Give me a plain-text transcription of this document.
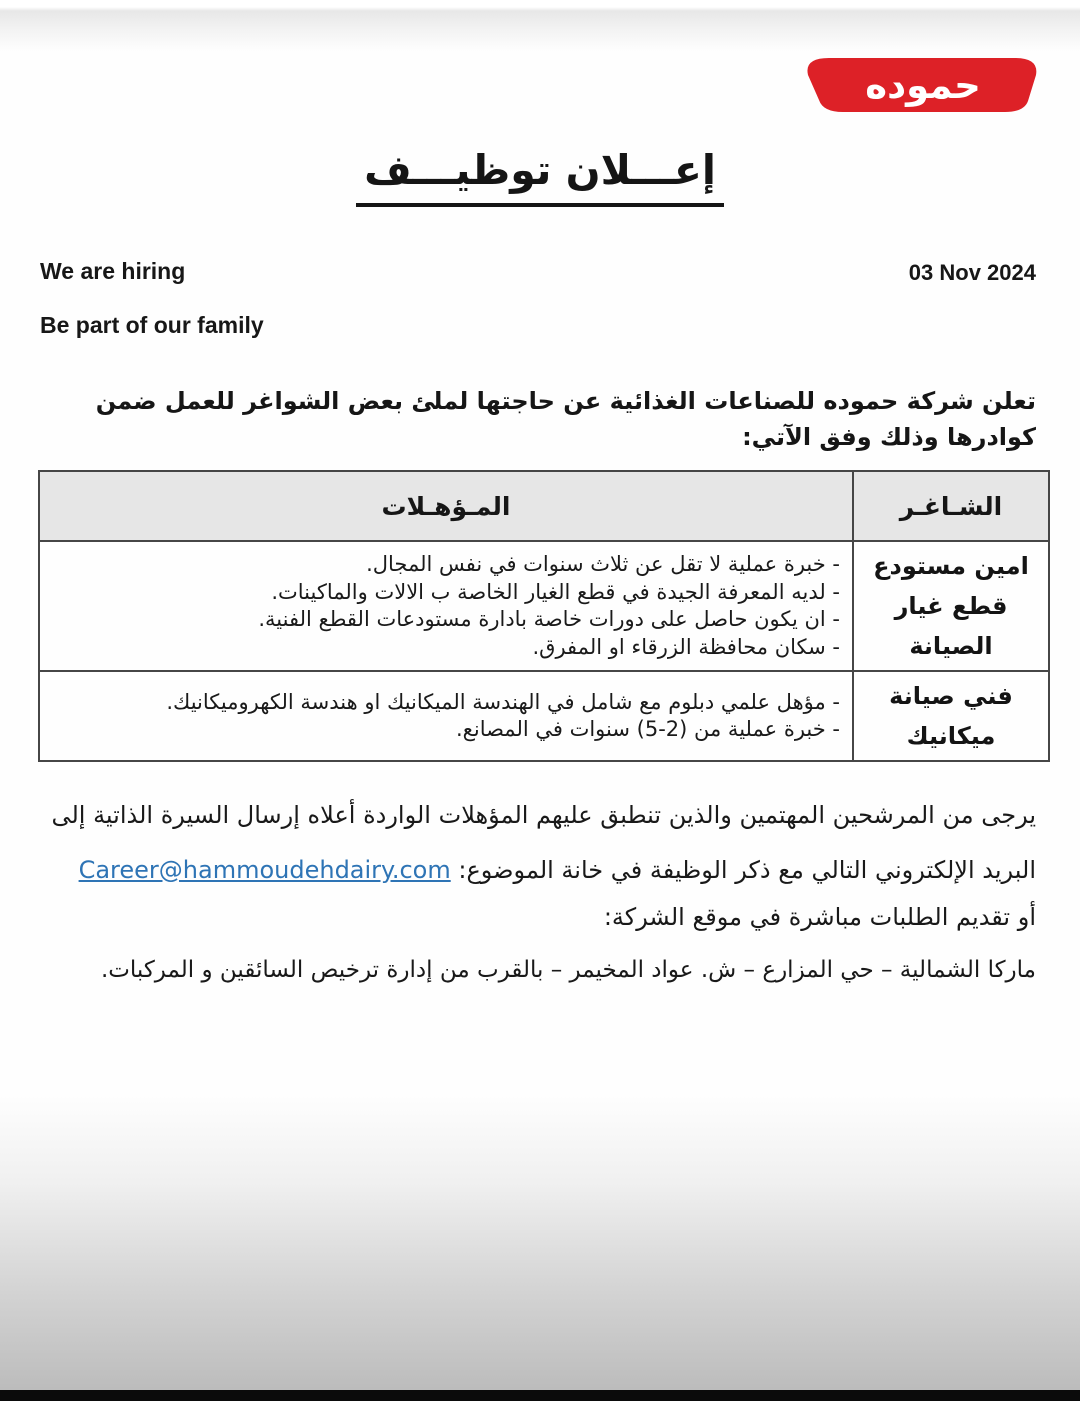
حموده
إعـــلان توظيـــف
We are hiring	03 Nov 2024
Be part of our family

تعلن شركة حموده للصناعات الغذائية عن حاجتها لملئ بعض الشواغر للعمل ضمن كوادرها وذلك وفق الآتي:

الشـاغـر	المـؤهـلات
امين مستودع قطع غيار الصيانة	- خبرة عملية لا تقل عن ثلاث سنوات في نفس المجال.
- لديه المعرفة الجيدة في قطع الغيار الخاصة ب الالات والماكينات.
- ان يكون حاصل على دورات خاصة بادارة مستودعات القطع الفنية.
- سكان محافظة الزرقاء او المفرق.

فني صيانة ميكانيك	- مؤهل علمي دبلوم مع شامل في الهندسة الميكانيك او هندسة الكهروميكانيك.
- خبرة عملية من (2-5) سنوات في المصانع.

يرجى من المرشحين المهتمين والذين تنطبق عليهم المؤهلات الواردة أعلاه إرسال السيرة الذاتية إلى البريد الإلكتروني التالي مع ذكر الوظيفة في خانة الموضوع: Career@hammoudehdairy.com

أو تقديم الطلبات مباشرة في موقع الشركة:

ماركا الشمالية – حي المزارع – ش. عواد المخيمر – بالقرب من إدارة ترخيص السائقين و المركبات.
